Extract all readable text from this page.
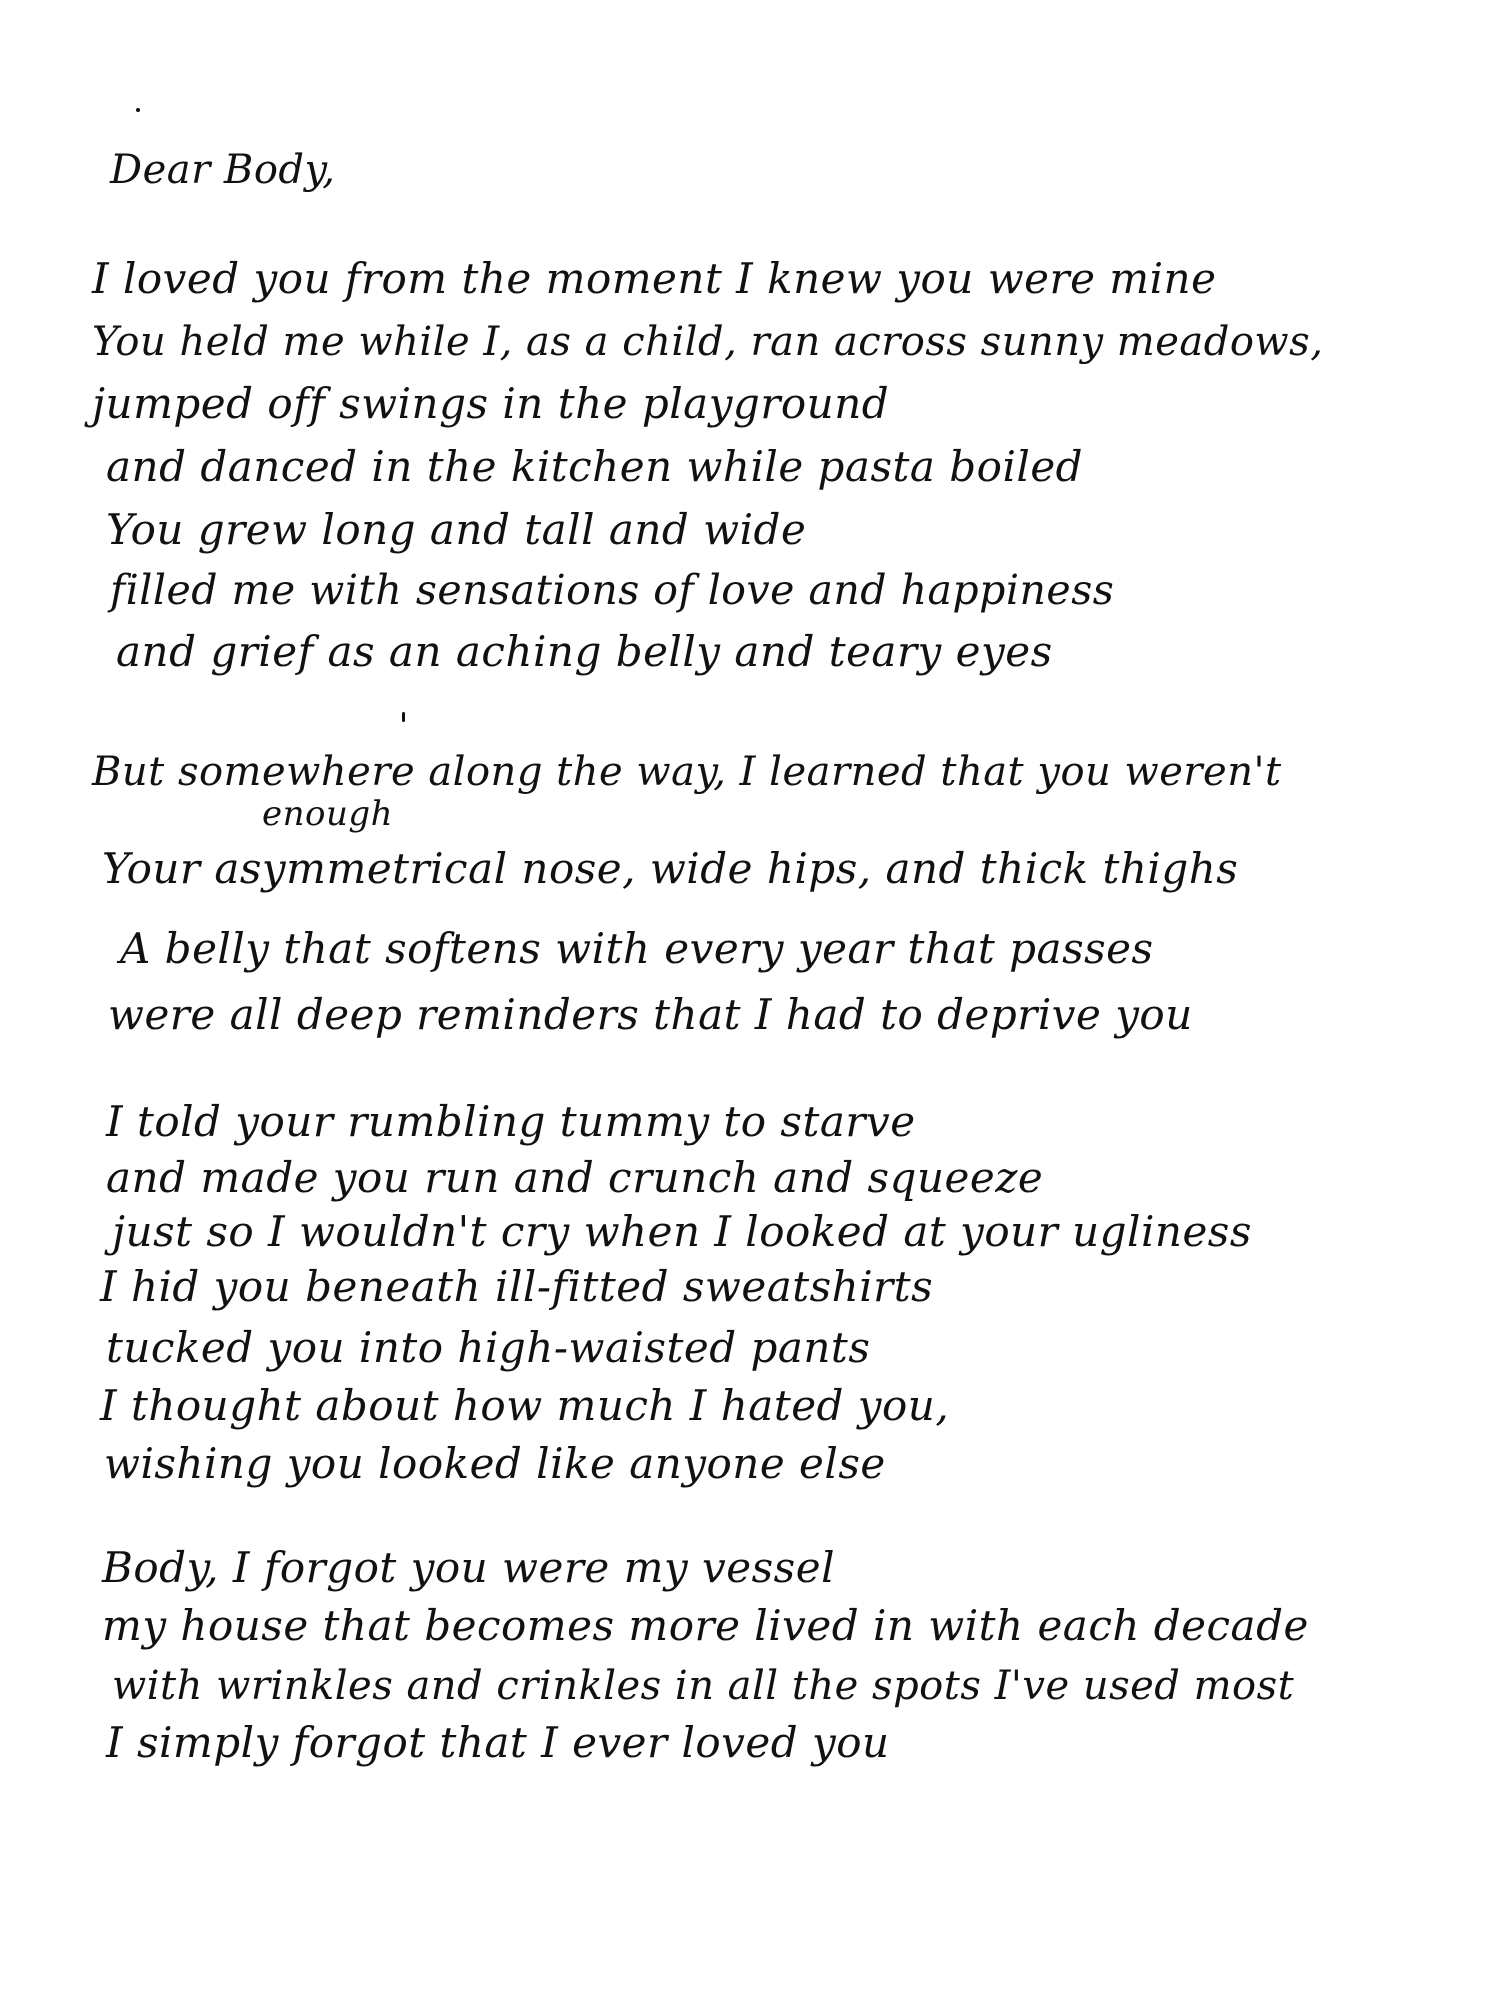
Dear Body,
I loved you from the moment I knew you were mine
You held me while I, as a child, ran across sunny meadows,
jumped off swings in the playground
and danced in the kitchen while pasta boiled
You grew long and tall and wide
filled me with sensations of love and happiness
and grief as an aching belly and teary eyes
But somewhere along the way, I learned that you weren't
enough
Your asymmetrical nose, wide hips, and thick thighs
A belly that softens with every year that passes
were all deep reminders that I had to deprive you
I told your rumbling tummy to starve
and made you run and crunch and squeeze
just so I wouldn't cry when I looked at your ugliness
I hid you beneath ill-fitted sweatshirts
tucked you into high-waisted pants
I thought about how much I hated you,
wishing you looked like anyone else
Body, I forgot you were my vessel
my house that becomes more lived in with each decade
with wrinkles and crinkles in all the spots I've used most
I simply forgot that I ever loved you
